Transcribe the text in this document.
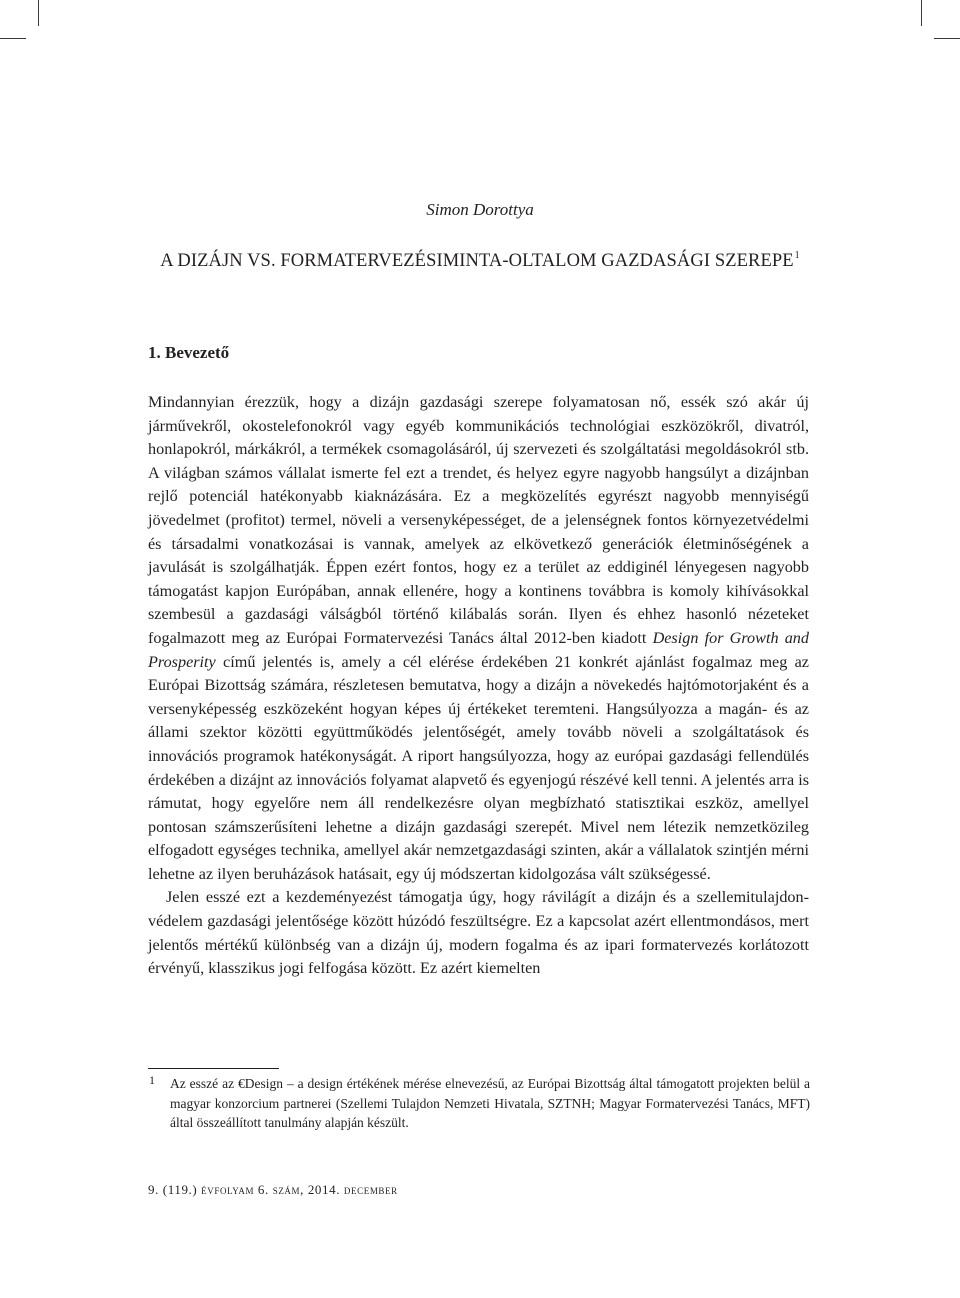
Simon Dorottya
A DIZÁJN VS. FORMATERVEZÉSIMINTA-OLTALOM GAZDASÁGI SZEREPE$^1$
1. Bevezető

Mindannyian érezzük, hogy a dizájn gazdasági szerepe folyamatosan nő, essék szó akár új járművekről, okostelefonokról vagy egyéb kommunikációs technológiai eszközökről, divatról, honlapokról, márkákról, a termékek csomagolásáról, új szervezeti és szolgáltatási megoldásokról stb. A világban számos vállalat ismerte fel ezt a trendet, és helyez egyre nagyobb hangsúlyt a dizájnban rejlő potenciál hatékonyabb kiaknázására. Ez a megközelítés egyrészt nagyobb mennyiségű jövedelmet (profitot) termel, növeli a versenyképességet, de a jelenségnek fontos környezetvédelmi és társadalmi vonatkozásai is vannak, amelyek az elkövetkező generációk életminőségének a javulását is szolgálhatják. Éppen ezért fontos, hogy ez a terület az eddiginél lényegesen nagyobb támogatást kapjon Európában, annak ellenére, hogy a kontinens továbbra is komoly kihívásokkal szembesül a gazdasági válságból történő kilábalás során. Ilyen és ehhez hasonló nézeteket fogalmazott meg az Európai Formatervezési Tanács által 2012-ben kiadott Design for Growth and Prosperity című jelentés is, amely a cél elérése érdekében 21 konkrét ajánlást fogalmaz meg az Európai Bizottság számára, részletesen bemutatva, hogy a dizájn a növekedés hajtómotorjaként és a versenyképesség eszközeként hogyan képes új értékeket teremteni. Hangsúlyozza a magán- és az állami szektor közötti együttműködés jelentőségét, amely tovább növeli a szolgáltatások és innovációs programok hatékonyságát. A riport hangsúlyozza, hogy az európai gazdasági fellendülés érdekében a dizájnt az innovációs folyamat alapvető és egyenjogú részévé kell tenni. A jelentés arra is rámutat, hogy egyelőre nem áll rendelkezésre olyan megbízható statisztikai eszköz, amellyel pontosan számszerűsíteni lehetne a dizájn gazdasági szerepét. Mivel nem létezik nemzetközileg elfogadott egységes technika, amellyel akár nemzetgazdasági szinten, akár a vállalatok szintjén mérni lehetne az ilyen beruházások hatásait, egy új módszertan kidolgozása vált szükségessé.

Jelen esszé ezt a kezdeményezést támogatja úgy, hogy rávilágít a dizájn és a szellemitulajdon-védelem gazdasági jelentősége között húzódó feszültségre. Ez a kapcsolat azért ellentmondásos, mert jelentős mértékű különbség van a dizájn új, modern fogalma és az ipari formatervezés korlátozott érvényű, klasszikus jogi felfogása között. Ez azért kiemelten

1 Az esszé az €Design – a design értékének mérése elnevezésű, az Európai Bizottság által támogatott projekten belül a magyar konzorcium partnerei (Szellemi Tulajdon Nemzeti Hivatala, SZTNH; Magyar Formatervezési Tanács, MFT) által összeállított tanulmány alapján készült.
9. (119.) évfolyam 6. szám, 2014. december
